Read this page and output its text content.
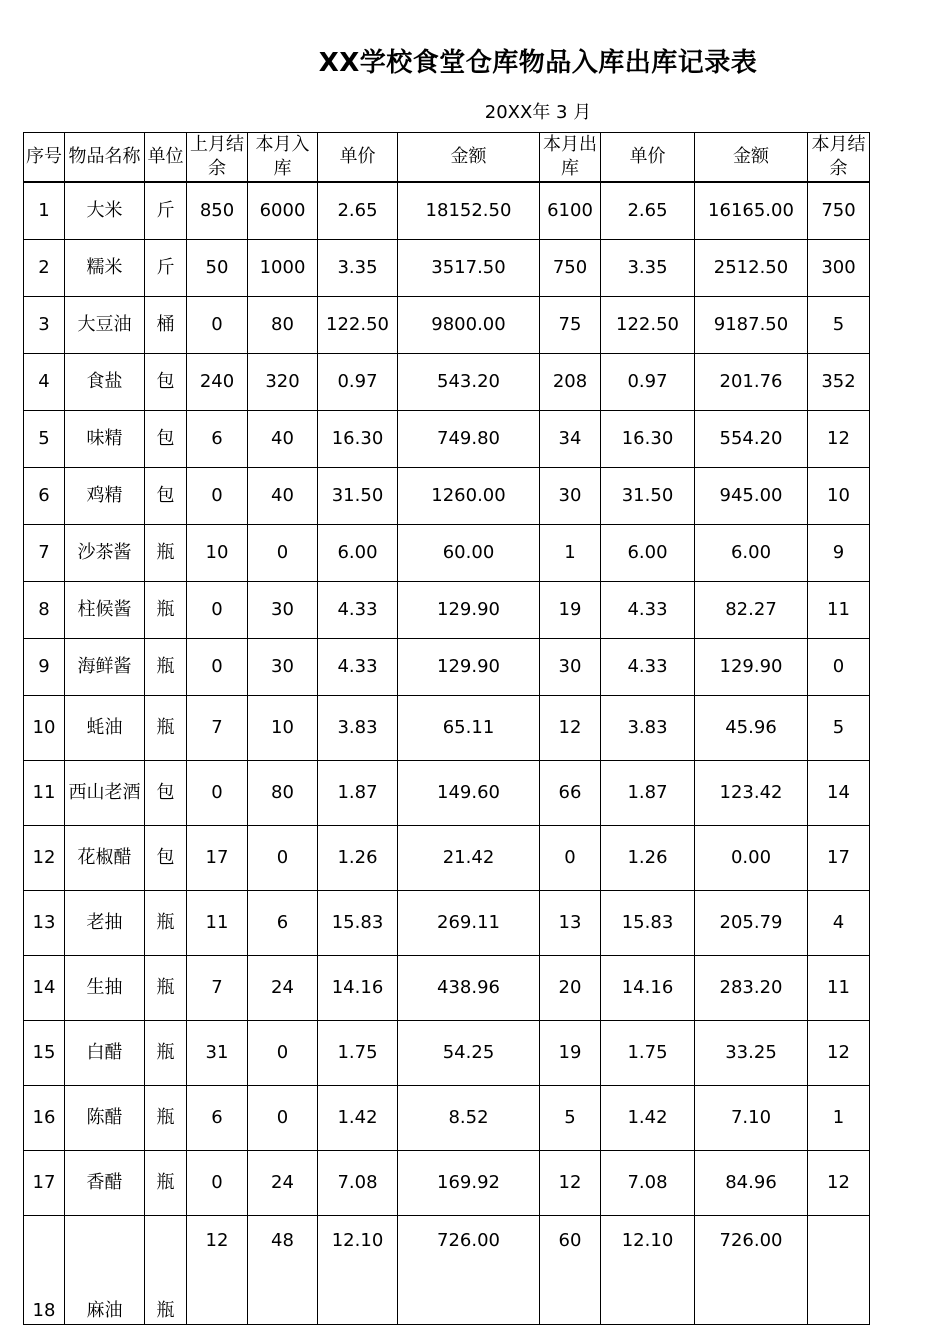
XX学校食堂仓库物品入库出库记录表
20XX年 3 月
序号	物品名称	单位	上月结余	本月入库	单价	金额	本月出库	单价	金额	本月结余
1	大米	斤	850	6000	2.65	18152.50	6100	2.65	16165.00	750
2	糯米	斤	50	1000	3.35	3517.50	750	3.35	2512.50	300
3	大豆油	桶	0	80	122.50	9800.00	75	122.50	9187.50	5
4	食盐	包	240	320	0.97	543.20	208	0.97	201.76	352
5	味精	包	6	40	16.30	749.80	34	16.30	554.20	12
6	鸡精	包	0	40	31.50	1260.00	30	31.50	945.00	10
7	沙茶酱	瓶	10	0	6.00	60.00	1	6.00	6.00	9
8	柱候酱	瓶	0	30	4.33	129.90	19	4.33	82.27	11
9	海鲜酱	瓶	0	30	4.33	129.90	30	4.33	129.90	0
10	蚝油	瓶	7	10	3.83	65.11	12	3.83	45.96	5
11	西山老酒	包	0	80	1.87	149.60	66	1.87	123.42	14
12	花椒醋	包	17	0	1.26	21.42	0	1.26	0.00	17
13	老抽	瓶	11	6	15.83	269.11	13	15.83	205.79	4
14	生抽	瓶	7	24	14.16	438.96	20	14.16	283.20	11
15	白醋	瓶	31	0	1.75	54.25	19	1.75	33.25	12
16	陈醋	瓶	6	0	1.42	8.52	5	1.42	7.10	1
17	香醋	瓶	0	24	7.08	169.92	12	7.08	84.96	12
18	麻油	瓶	12	48	12.10	726.00	60	12.10	726.00	
